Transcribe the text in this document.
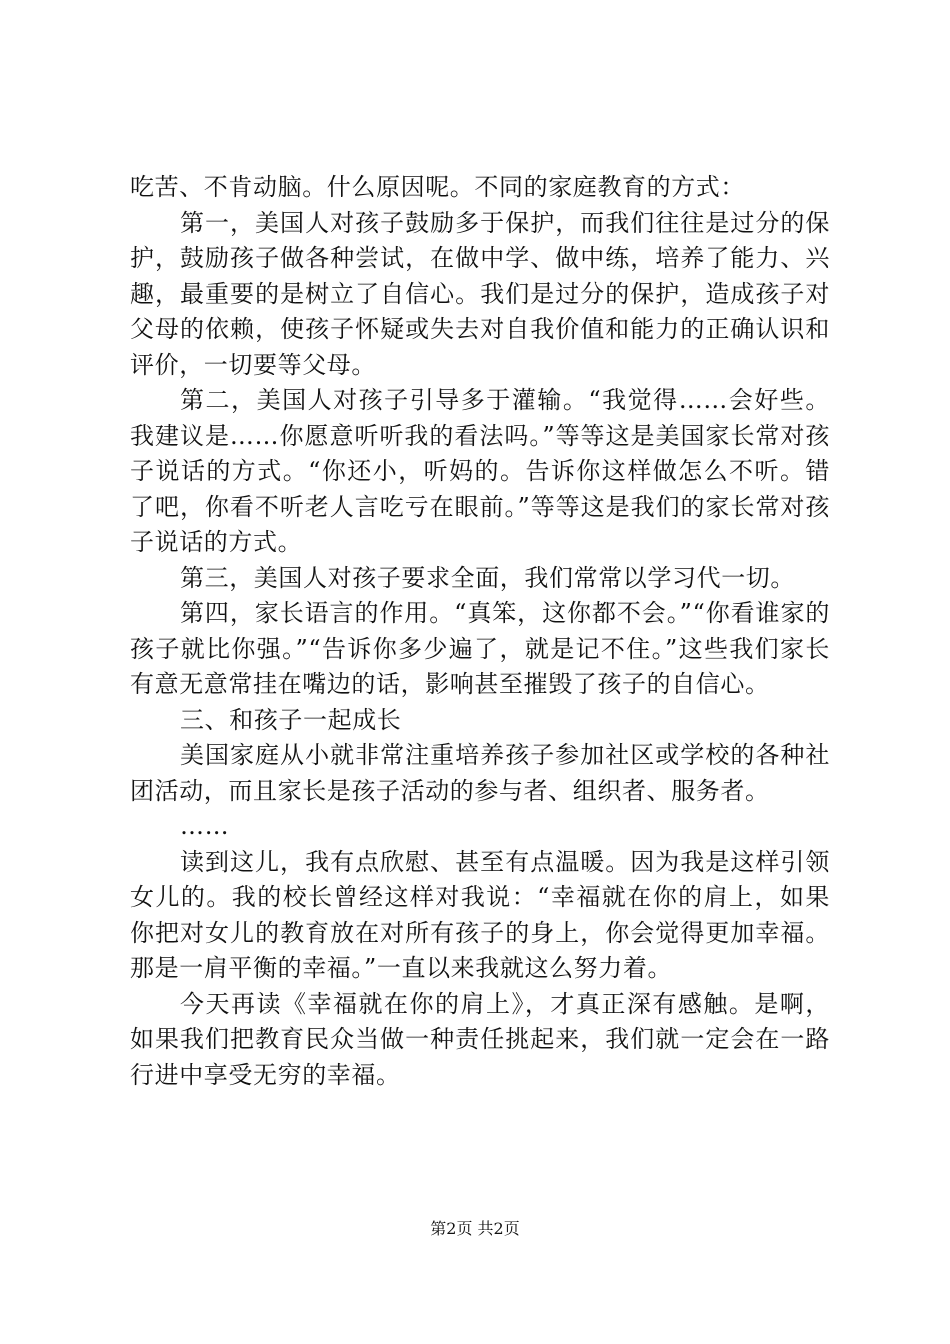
吃苦、不肯动脑。什么原因呢。不同的家庭教育的方式：

第一，美国人对孩子鼓励多于保护，而我们往往是过分的保护，鼓励孩子做各种尝试，在做中学、做中练，培养了能力、兴趣，最重要的是树立了自信心。我们是过分的保护，造成孩子对父母的依赖，使孩子怀疑或失去对自我价值和能力的正确认识和评价，一切要等父母。

第二，美国人对孩子引导多于灌输。“我觉得……会好些。我建议是……你愿意听听我的看法吗。”等等这是美国家长常对孩子说话的方式。“你还小，听妈的。告诉你这样做怎么不听。错了吧，你看不听老人言吃亏在眼前。”等等这是我们的家长常对孩子说话的方式。

第三，美国人对孩子要求全面，我们常常以学习代一切。

第四，家长语言的作用。“真笨，这你都不会。”“你看谁家的孩子就比你强。”“告诉你多少遍了，就是记不住。”这些我们家长有意无意常挂在嘴边的话，影响甚至摧毁了孩子的自信心。

三、和孩子一起成长

美国家庭从小就非常注重培养孩子参加社区或学校的各种社团活动，而且家长是孩子活动的参与者、组织者、服务者。

……

读到这儿，我有点欣慰、甚至有点温暖。因为我是这样引领女儿的。我的校长曾经这样对我说：“幸福就在你的肩上，如果你把对女儿的教育放在对所有孩子的身上，你会觉得更加幸福。那是一肩平衡的幸福。”一直以来我就这么努力着。

今天再读《幸福就在你的肩上》，才真正深有感触。是啊，如果我们把教育民众当做一种责任挑起来，我们就一定会在一路行进中享受无穷的幸福。

第2页 共2页
